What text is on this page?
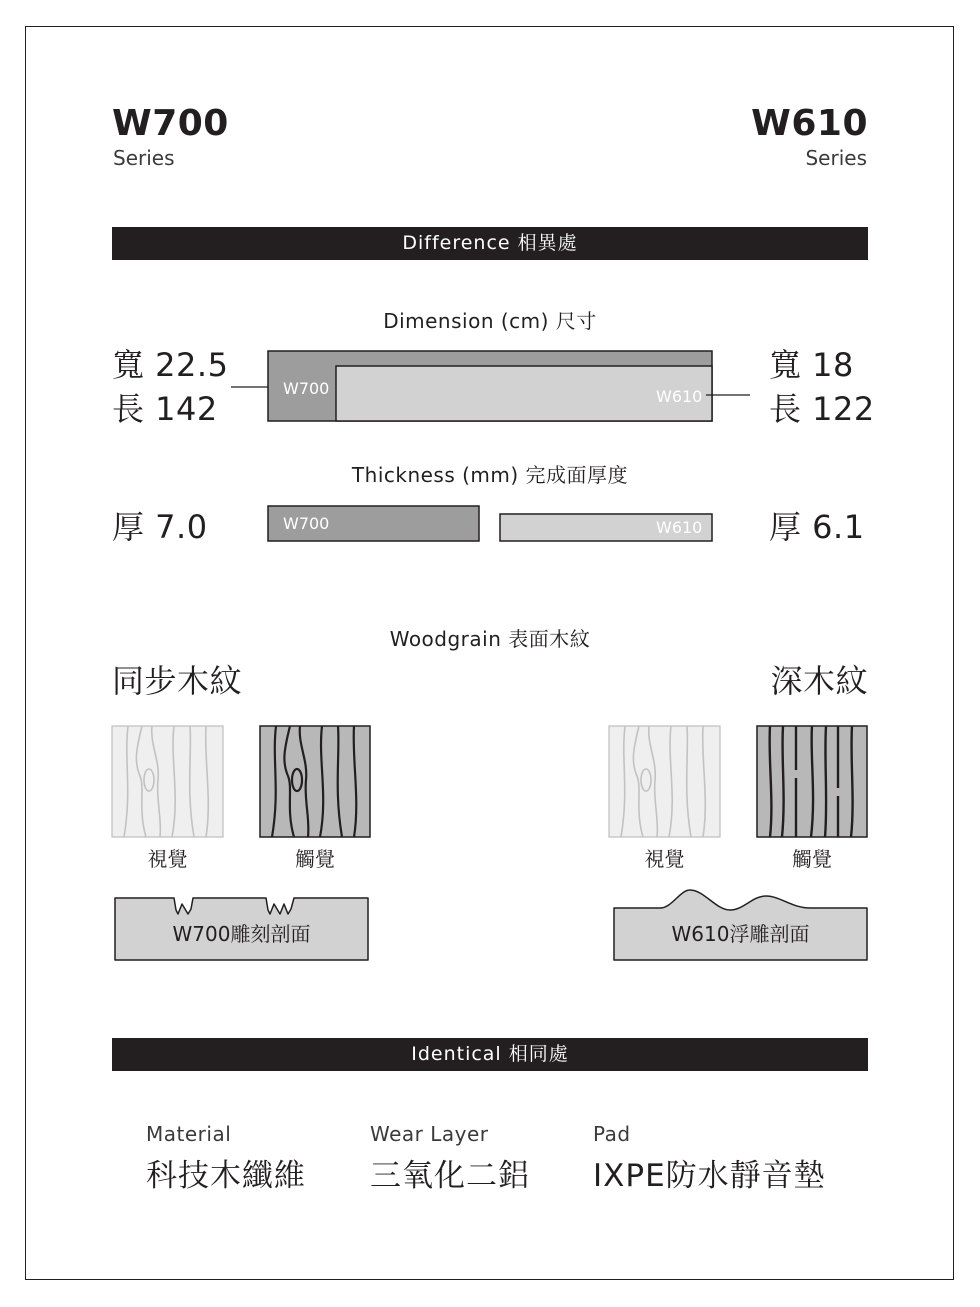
W700
Series
W610
Series
Difference 相異處
Dimension (cm) 尺寸
寬 22.5
長 142
寬 18
長 122
W700	W610
Thickness (mm) 完成面厚度
厚 7.0	厚 6.1
W700	W610
Woodgrain 表面木紋
同步木紋	深木紋
視覺	觸覺	視覺	觸覺
W700雕刻剖面	W610浮雕剖面
Identical 相同處
Material
科技木纖維
Wear Layer
三氧化二鋁
Pad
IXPE防水靜音墊
